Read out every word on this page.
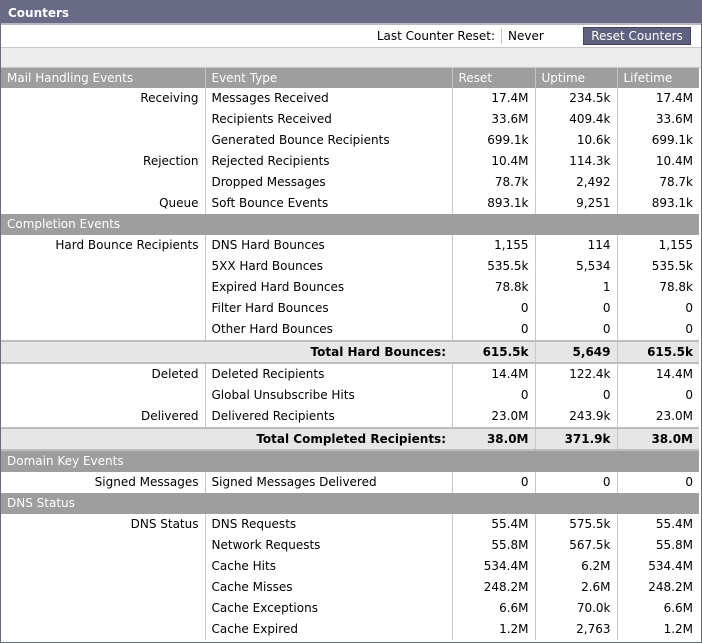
Counters
Last Counter Reset:	Never	Reset Counters
Mail Handling Events	Event Type	Reset	Uptime	Lifetime
Receiving	Messages Received	17.4M	234.5k	17.4M
	Recipients Received	33.6M	409.4k	33.6M
	Generated Bounce Recipients	699.1k	10.6k	699.1k
Rejection	Rejected Recipients	10.4M	114.3k	10.4M
	Dropped Messages	78.7k	2,492	78.7k
Queue	Soft Bounce Events	893.1k	9,251	893.1k
Completion Events				
Hard Bounce Recipients	DNS Hard Bounces	1,155	114	1,155
	5XX Hard Bounces	535.5k	5,534	535.5k
	Expired Hard Bounces	78.8k	1	78.8k
	Filter Hard Bounces	0	0	0
	Other Hard Bounces	0	0	0
Total Hard Bounces:		615.5k	5,649	615.5k
Deleted	Deleted Recipients	14.4M	122.4k	14.4M
	Global Unsubscribe Hits	0	0	0
Delivered	Delivered Recipients	23.0M	243.9k	23.0M
Total Completed Recipients:		38.0M	371.9k	38.0M
Domain Key Events				
Signed Messages	Signed Messages Delivered	0	0	0
DNS Status				
DNS Status	DNS Requests	55.4M	575.5k	55.4M
	Network Requests	55.8M	567.5k	55.8M
	Cache Hits	534.4M	6.2M	534.4M
	Cache Misses	248.2M	2.6M	248.2M
	Cache Exceptions	6.6M	70.0k	6.6M
	Cache Expired	1.2M	2,763	1.2M
